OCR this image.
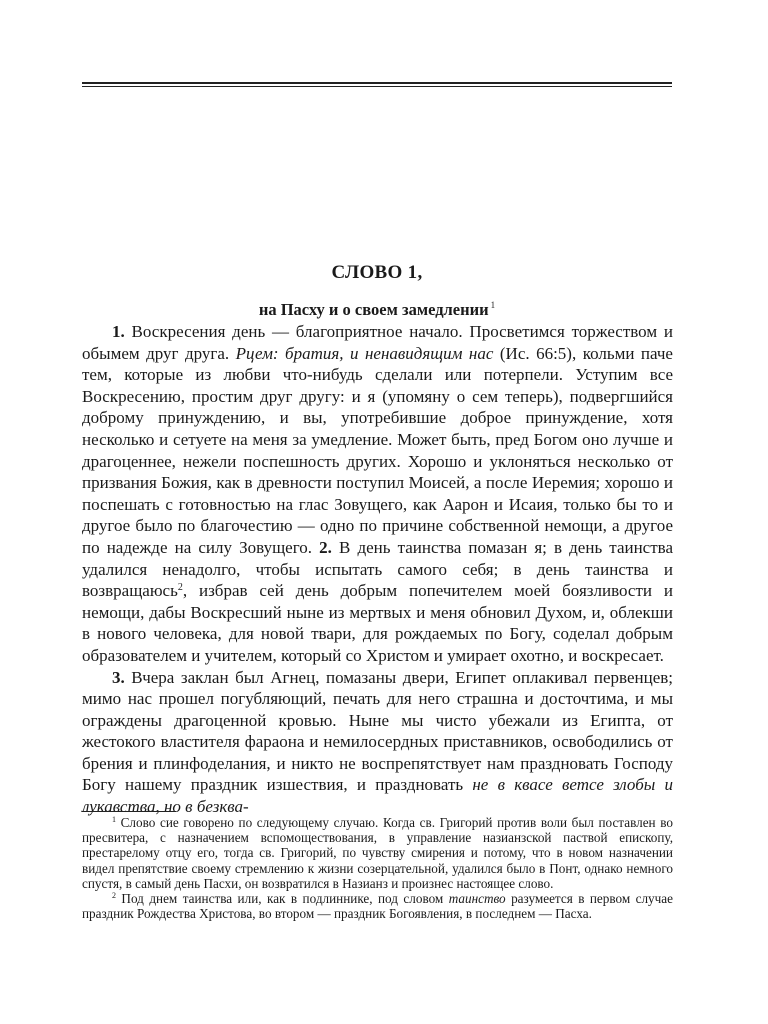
СЛОВО 1,
на Пасху и о своем замедлении $^1$

1. Воскресения день — благоприятное начало. Просветимся торжеством и обымем друг друга. Рцем: братия, и ненавидящим нас (Ис. 66:5), кольми паче тем, которые из любви что-нибудь сделали или потерпели. Уступим все Воскресению, простим друг другу: и я (упомяну о сем теперь), подвергшийся доброму принуждению, и вы, употребившие доброе принуждение, хотя несколько и сетуете на меня за умедление. Может быть, пред Богом оно лучше и драгоценнее, нежели поспешность других. Хорошо и уклоняться несколько от призвания Божия, как в древности поступил Моисей, а после Иеремия; хорошо и поспешать с готовностью на глас Зовущего, как Аарон и Исаия, только бы то и другое было по благочестию — одно по причине собственной немощи, а другое по надежде на силу Зовущего. 2. В день таинства помазан я; в день таинства удалился ненадолго, чтобы испытать самого себя; в день таинства и возвращаюсь$^2$, избрав сей день добрым попечителем моей боязливости и немощи, дабы Воскресший ныне из мертвых и меня обновил Духом, и, облекши в нового человека, для новой твари, для рождаемых по Богу, соделал добрым образователем и учителем, который со Христом и умирает охотно, и воскресает.

3. Вчера заклан был Агнец, помазаны двери, Египет оплакивал первенцев; мимо нас прошел погубляющий, печать для него страшна и досточтима, и мы ограждены драгоценной кровью. Ныне мы чисто убежали из Египта, от жестокого властителя фараона и немилосердных приставников, освободились от брения и плинфоделания, и никто не воспрепятствует нам праздновать Господу Богу нашему праздник изшествия, и праздновать не в квасе ветсе злобы и лукавства, но в безква-

$^1$ Слово сие говорено по следующему случаю. Когда св. Григорий против воли был поставлен во пресвитера, с назначением вспомоществования, в управление назианзской паствой епископу, престарелому отцу его, тогда св. Григорий, по чувству смирения и потому, что в новом назначении видел препятствие своему стремлению к жизни созерцательной, удалился было в Понт, однако немного спустя, в самый день Пасхи, он возвратился в Назианз и произнес настоящее слово.

$^2$ Под днем таинства или, как в подлиннике, под словом таинство разумеется в первом случае праздник Рождества Христова, во втором — праздник Богоявления, в последнем — Пасха.
